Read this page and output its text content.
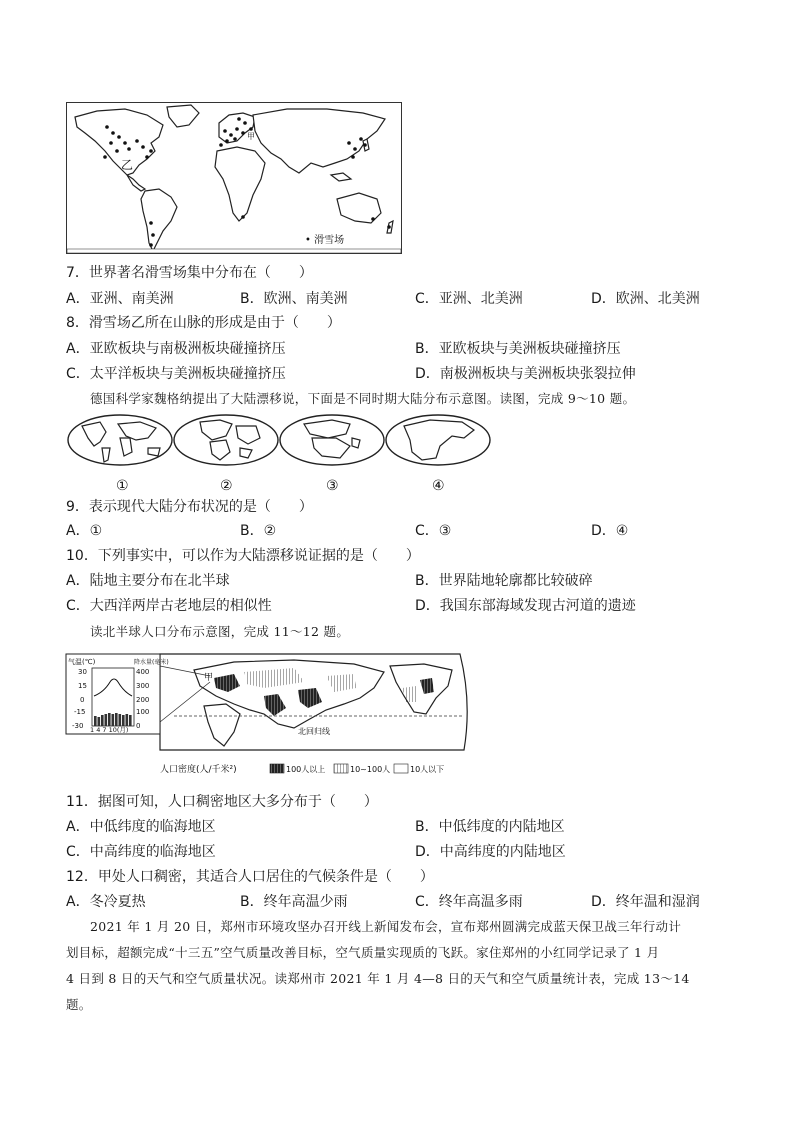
乙
甲
• 滑雪场
7．世界著名滑雪场集中分布在（　　）
A．亚洲、南美洲	B．欧洲、南美洲	C．亚洲、北美洲	D．欧洲、北美洲
8．滑雪场乙所在山脉的形成是由于（　　）
A．亚欧板块与南极洲板块碰撞挤压	B．亚欧板块与美洲板块碰撞挤压
C．太平洋板块与美洲板块碰撞挤压	D．南极洲板块与美洲板块张裂拉伸
德国科学家魏格纳提出了大陆漂移说，下面是不同时期大陆分布示意图。读图，完成 9～10 题。
①	②	③	④
9．表示现代大陆分布状况的是（　　）
A．①	B．②	C．③	D．④
10．下列事实中，可以作为大陆漂移说证据的是（　　）
A．陆地主要分布在北半球	B．世界陆地轮廓都比较破碎
C．大西洋两岸古老地层的相似性	D．我国东部海域发现古河道的遗迹
读北半球人口分布示意图，完成 11～12 题。
北回归线
甲
气温(℃)	降水量(毫米)
30
15
0
-15
-30
400
300
200
100
0
1 4 7 10(月)
人口密度(人/千米²)	100人以上	10~100人 10人以下
11．据图可知，人口稠密地区大多分布于（　　）
A．中低纬度的临海地区	B．中低纬度的内陆地区
C．中高纬度的临海地区	D．中高纬度的内陆地区
12．甲处人口稠密，其适合人口居住的气候条件是（　　）
A．冬冷夏热	B．终年高温少雨	C．终年高温多雨	D．终年温和湿润
2021 年 1 月 20 日，郑州市环境攻坚办召开线上新闻发布会，宣布郑州圆满完成蓝天保卫战三年行动计
划目标，超额完成“十三五”空气质量改善目标，空气质量实现质的飞跃。家住郑州的小红同学记录了 1 月
4 日到 8 日的天气和空气质量状况。读郑州市 2021 年 1 月 4—8 日的天气和空气质量统计表，完成 13～14
题。
